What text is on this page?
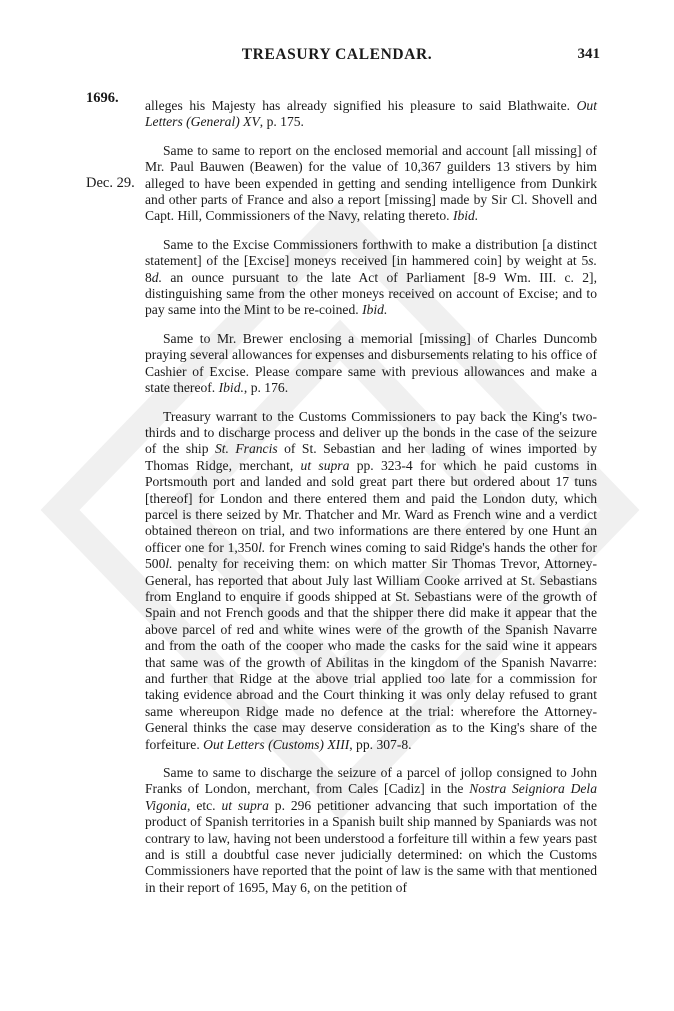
TREASURY CALENDAR.	341
1696.
Dec. 29.

alleges his Majesty has already signified his pleasure to said Blathwaite. Out Letters (General) XV, p. 175.

Same to same to report on the enclosed memorial and account [all missing] of Mr. Paul Bauwen (Beawen) for the value of 10,367 guilders 13 stivers by him alleged to have been expended in getting and sending intelligence from Dunkirk and other parts of France and also a report [missing] made by Sir Cl. Shovell and Capt. Hill, Commissioners of the Navy, relating thereto. Ibid.

Same to the Excise Commissioners forthwith to make a distribution [a distinct statement] of the [Excise] moneys received [in hammered coin] by weight at 5s. 8d. an ounce pursuant to the late Act of Parliament [8-9 Wm. III. c. 2], distinguishing same from the other moneys received on account of Excise; and to pay same into the Mint to be re-coined. Ibid.

Same to Mr. Brewer enclosing a memorial [missing] of Charles Duncomb praying several allowances for expenses and disbursements relating to his office of Cashier of Excise. Please compare same with previous allowances and make a state thereof. Ibid., p. 176.

Treasury warrant to the Customs Commissioners to pay back the King's two-thirds and to discharge process and deliver up the bonds in the case of the seizure of the ship St. Francis of St. Sebastian and her lading of wines imported by Thomas Ridge, merchant, ut supra pp. 323-4 for which he paid customs in Portsmouth port and landed and sold great part there but ordered about 17 tuns [thereof] for London and there entered them and paid the London duty, which parcel is there seized by Mr. Thatcher and Mr. Ward as French wine and a verdict obtained thereon on trial, and two informations are there entered by one Hunt an officer one for 1,350l. for French wines coming to said Ridge's hands the other for 500l. penalty for receiving them: on which matter Sir Thomas Trevor, Attorney-General, has reported that about July last William Cooke arrived at St. Sebastians from England to enquire if goods shipped at St. Sebastians were of the growth of Spain and not French goods and that the shipper there did make it appear that the above parcel of red and white wines were of the growth of the Spanish Navarre and from the oath of the cooper who made the casks for the said wine it appears that same was of the growth of Abilitas in the kingdom of the Spanish Navarre: and further that Ridge at the above trial applied too late for a commission for taking evidence abroad and the Court thinking it was only delay refused to grant same whereupon Ridge made no defence at the trial: wherefore the Attorney-General thinks the case may deserve consideration as to the King's share of the forfeiture. Out Letters (Customs) XIII, pp. 307-8.

Same to same to discharge the seizure of a parcel of jollop consigned to John Franks of London, merchant, from Cales [Cadiz] in the Nostra Seigniora Dela Vigonia, etc. ut supra p. 296 petitioner advancing that such importation of the product of Spanish territories in a Spanish built ship manned by Spaniards was not contrary to law, having not been understood a forfeiture till within a few years past and is still a doubtful case never judicially determined: on which the Customs Commissioners have reported that the point of law is the same with that mentioned in their report of 1695, May 6, on the petition of
